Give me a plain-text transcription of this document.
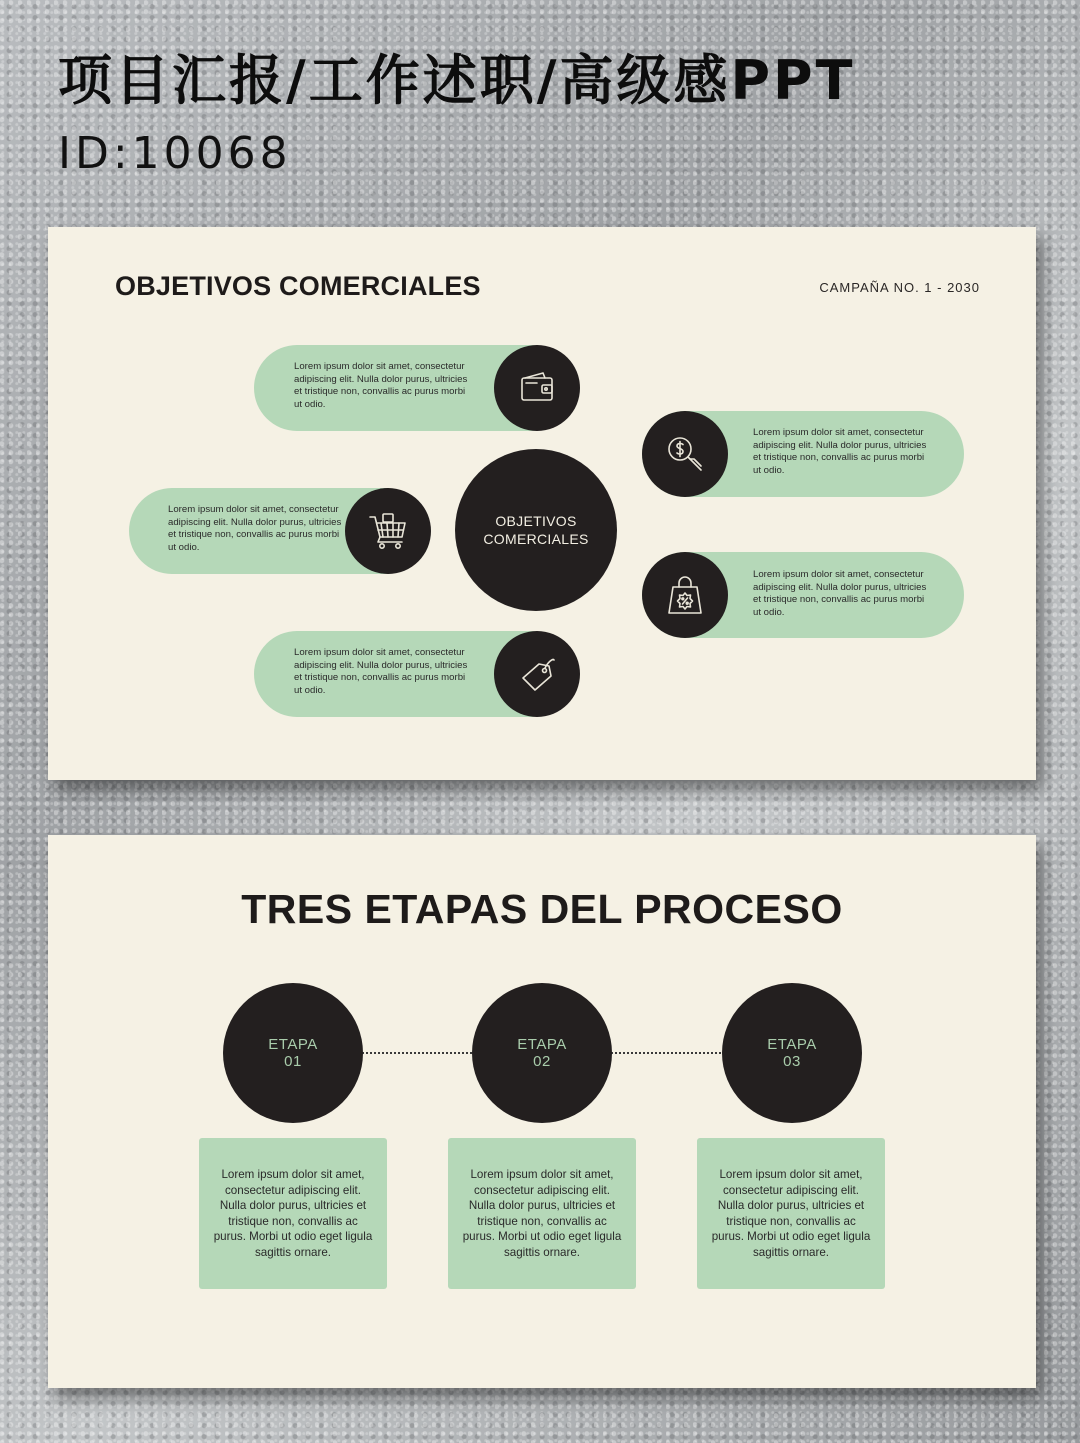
项目汇报/工作述职/高级感PPT
ID:10068
OBJETIVOS COMERCIALES	CAMPAÑA NO. 1 - 2030
Lorem ipsum dolor sit amet, consectetur adipiscing elit. Nulla dolor purus, ultricies et tristique non, convallis ac purus morbi ut odio.
Lorem ipsum dolor sit amet, consectetur adipiscing elit. Nulla dolor purus, ultricies et tristique non, convallis ac purus morbi ut odio.
Lorem ipsum dolor sit amet, consectetur adipiscing elit. Nulla dolor purus, ultricies et tristique non, convallis ac purus morbi ut odio.
OBJETIVOS
COMERCIALES
Lorem ipsum dolor sit amet, consectetur adipiscing elit. Nulla dolor purus, ultricies et tristique non, convallis ac purus morbi ut odio.
Lorem ipsum dolor sit amet, consectetur adipiscing elit. Nulla dolor purus, ultricies et tristique non, convallis ac purus morbi ut odio.
TRES ETAPAS DEL PROCESO
ETAPA
01
ETAPA
02
ETAPA
03
Lorem ipsum dolor sit amet, consectetur adipiscing elit. Nulla dolor purus, ultricies et tristique non, convallis ac purus. Morbi ut odio eget ligula sagittis ornare.
Lorem ipsum dolor sit amet, consectetur adipiscing elit. Nulla dolor purus, ultricies et tristique non, convallis ac purus. Morbi ut odio eget ligula sagittis ornare.
Lorem ipsum dolor sit amet, consectetur adipiscing elit. Nulla dolor purus, ultricies et tristique non, convallis ac purus. Morbi ut odio eget ligula sagittis ornare.
